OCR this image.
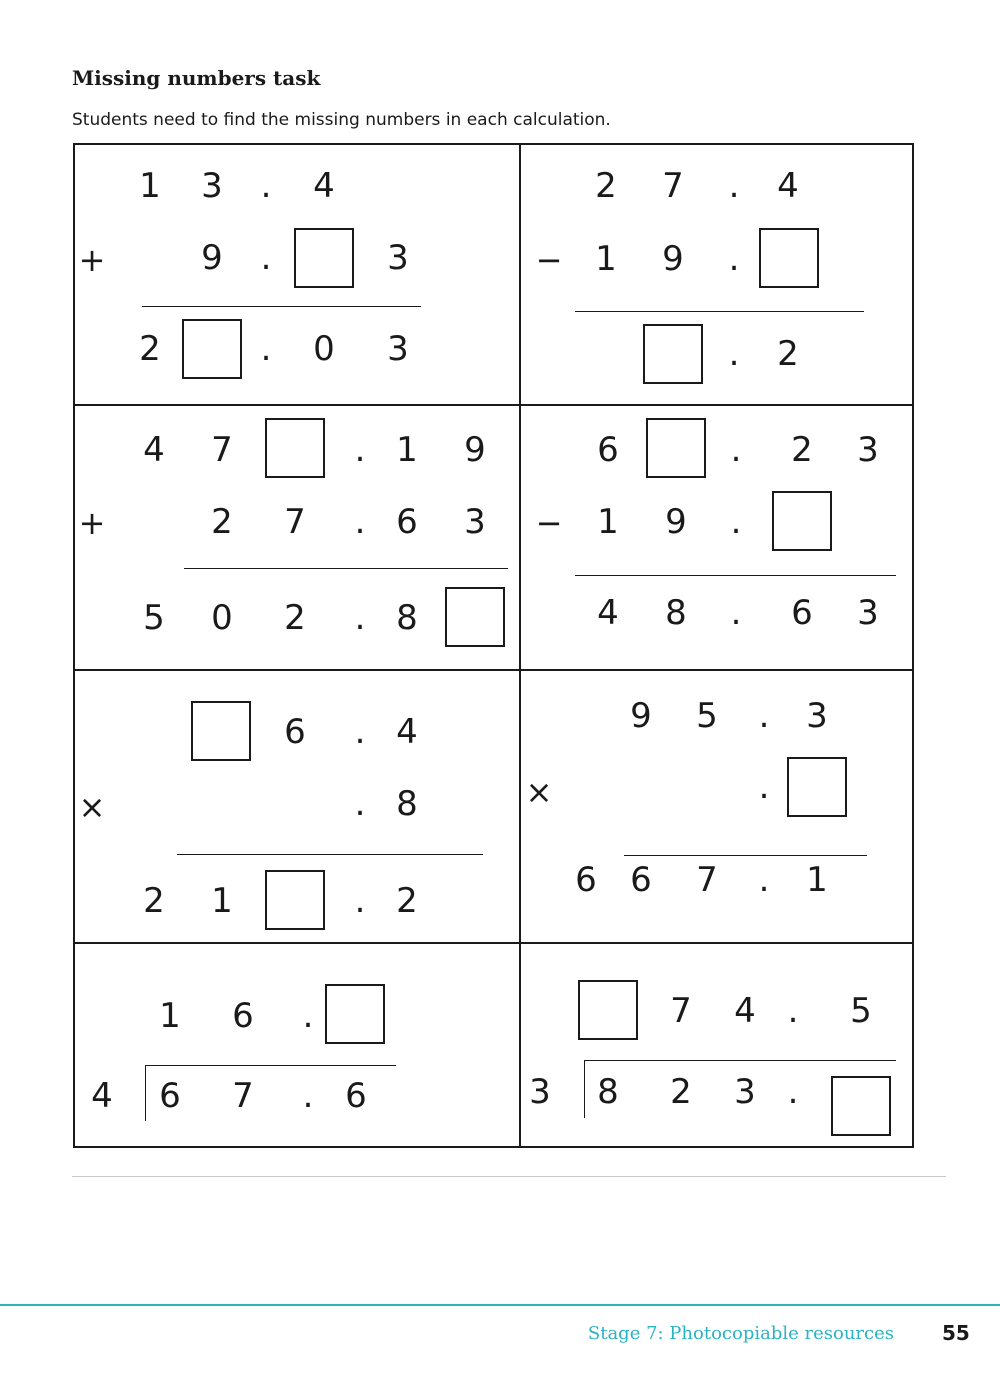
Missing numbers task
Students need to find the missing numbers in each calculation.
1 3 . 4
+	9 .	3
2	. 0 3
2 7 . 4
− 1 9 .
. 2
4 7	. 1 9
+	2 7 . 6 3
5 0 2 . 8
6	. 2 3
− 1 9 .
4 8 . 6 3
6 . 4
×	. 8
2 1	. 2
9 5 . 3
×	.
6 6 7 . 1
1 6 .
4 6 7 . 6
7 4 . 5
3 8 2 3 .
Stage 7: Photocopiable resources 55
